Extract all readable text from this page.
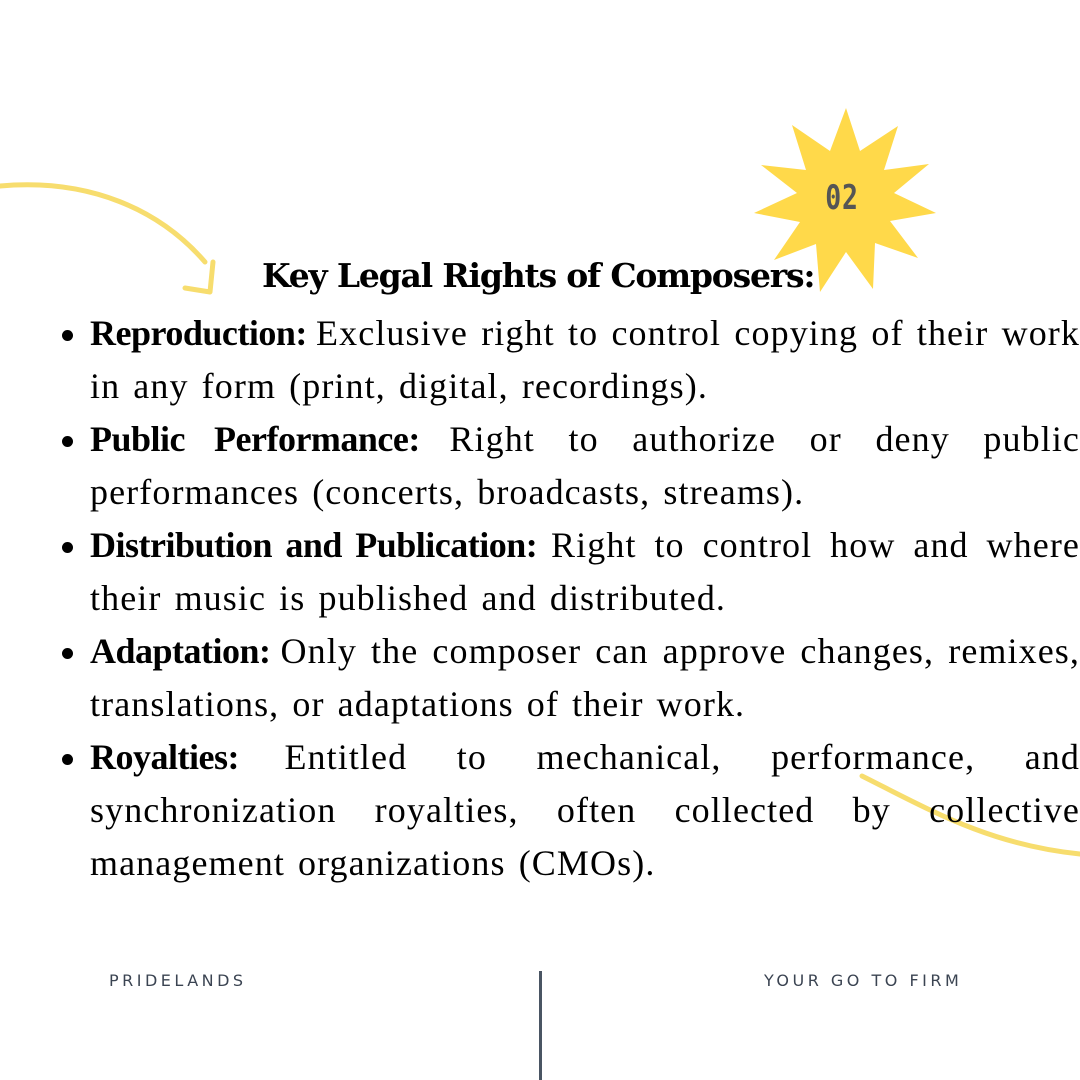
02
Key Legal Rights of Composers:
Reproduction: Exclusive right to control copying of their work in any form (print, digital, recordings).
Public Performance: Right to authorize or deny public performances (concerts, broadcasts, streams).
Distribution and Publication: Right to control how and where their music is published and distributed.
Adaptation: Only the composer can approve changes, remixes, translations, or adaptations of their work.
Royalties: Entitled to mechanical, performance, and synchronization royalties, often collected by collective management organizations (CMOs).
PRIDELANDS	YOUR GO TO FIRM
